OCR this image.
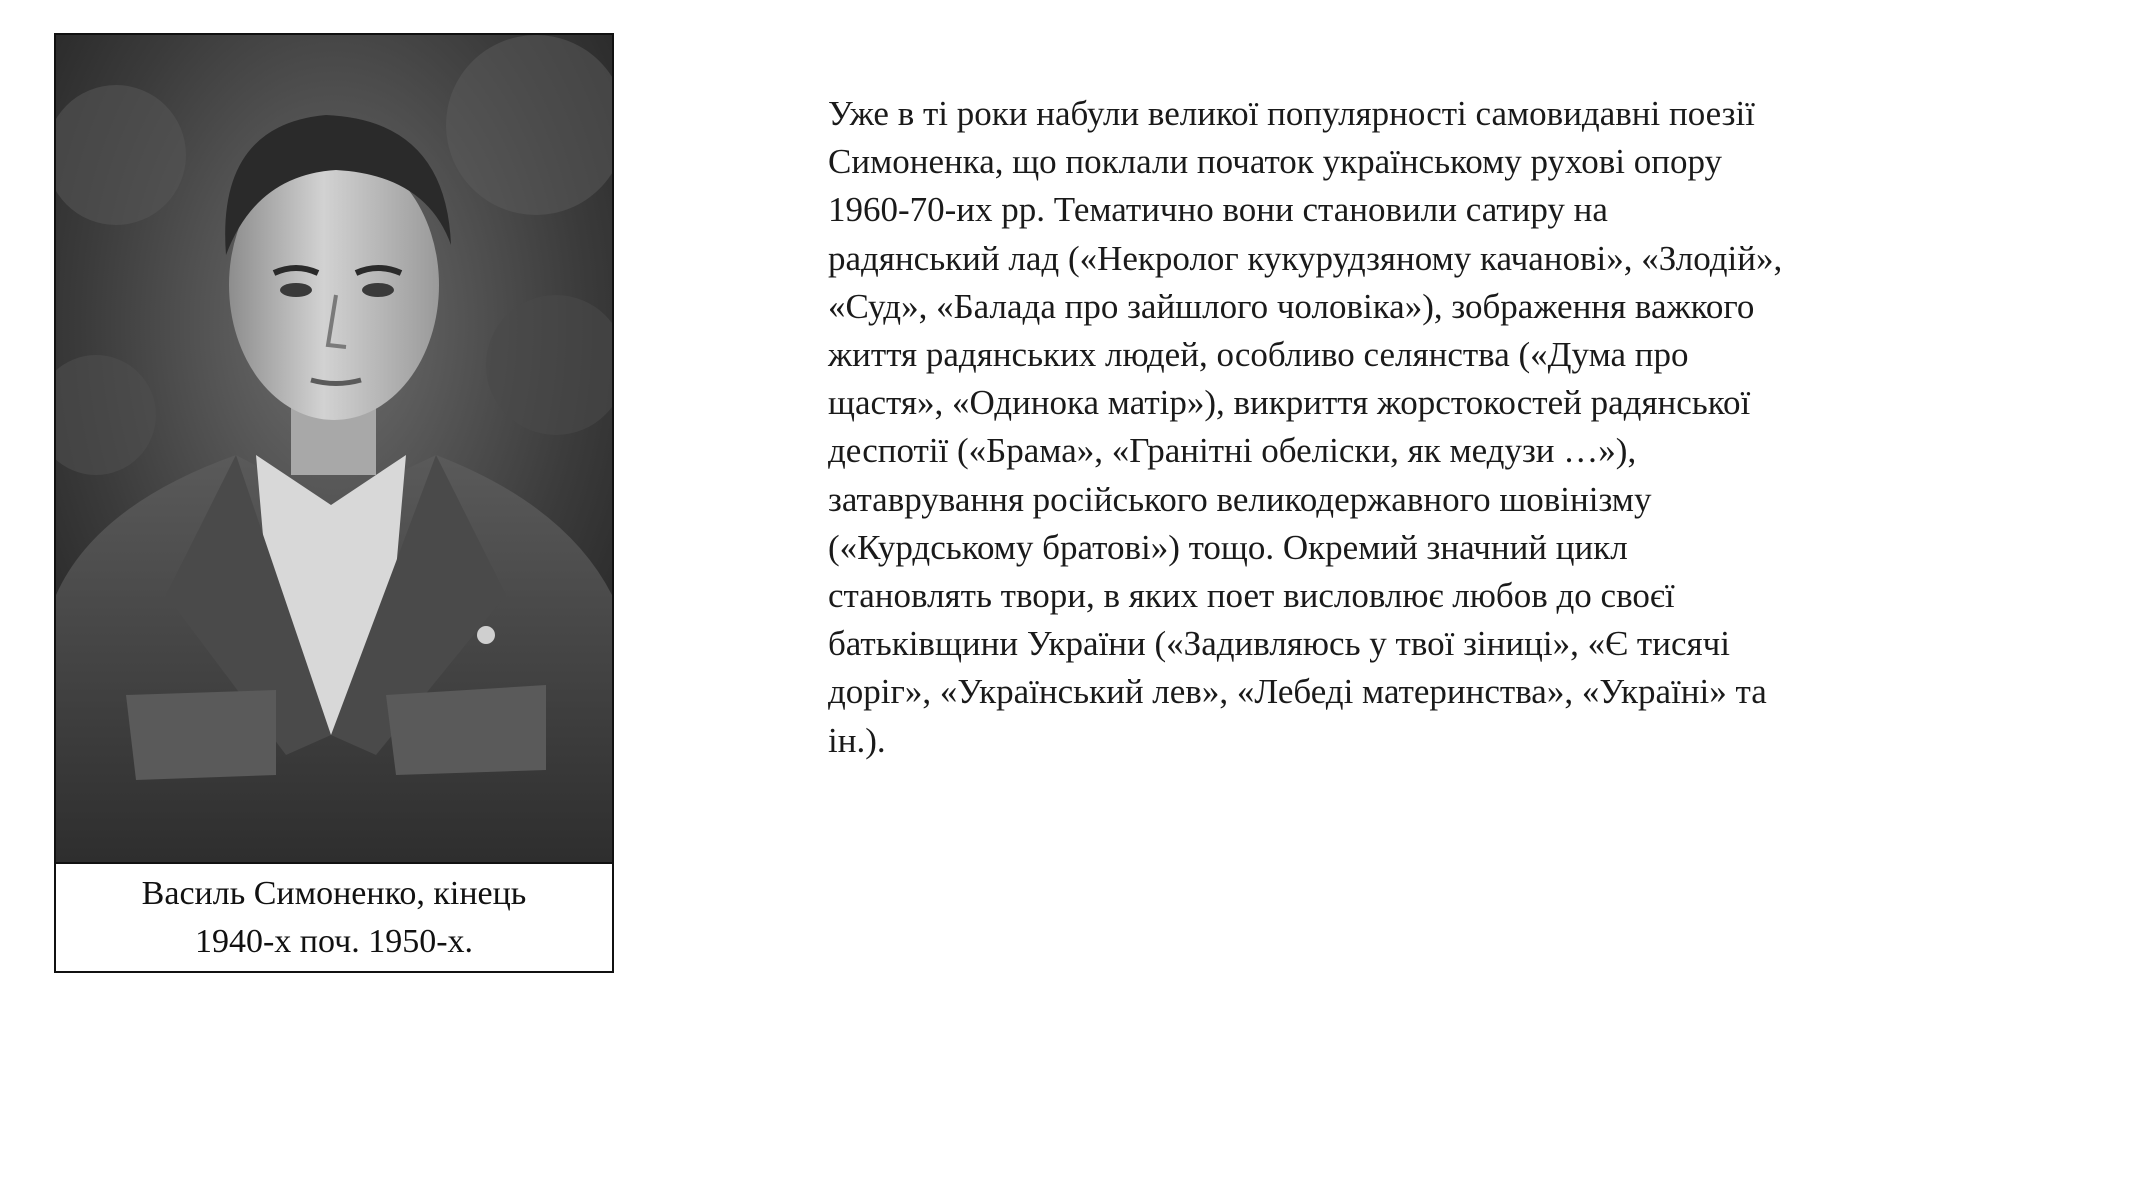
Василь Симоненко, кінець
1940-х поч. 1950-х.
Уже в ті роки набули великої популярності самовидавні поезії
Симоненка, що поклали початок українському рухові опору
1960-70-их рр. Тематично вони становили сатиру на
радянський лад («Некролог кукурудзяному качанові», «Злодій»,
«Суд», «Балада про зайшлого чоловіка»), зображення важкого
життя радянських людей, особливо селянства («Дума про
щастя», «Одинока матір»), викриття жорстокостей радянської
деспотії («Брама», «Гранітні обеліски, як медузи …»),
затаврування російського великодержавного шовінізму
(«Курдському братові») тощо. Окремий значний цикл
становлять твори, в яких поет висловлює любов до своєї
батьківщини України («Задивляюсь у твої зіниці», «Є тисячі
доріг», «Український лев», «Лебеді материнства», «Україні» та
ін.).
